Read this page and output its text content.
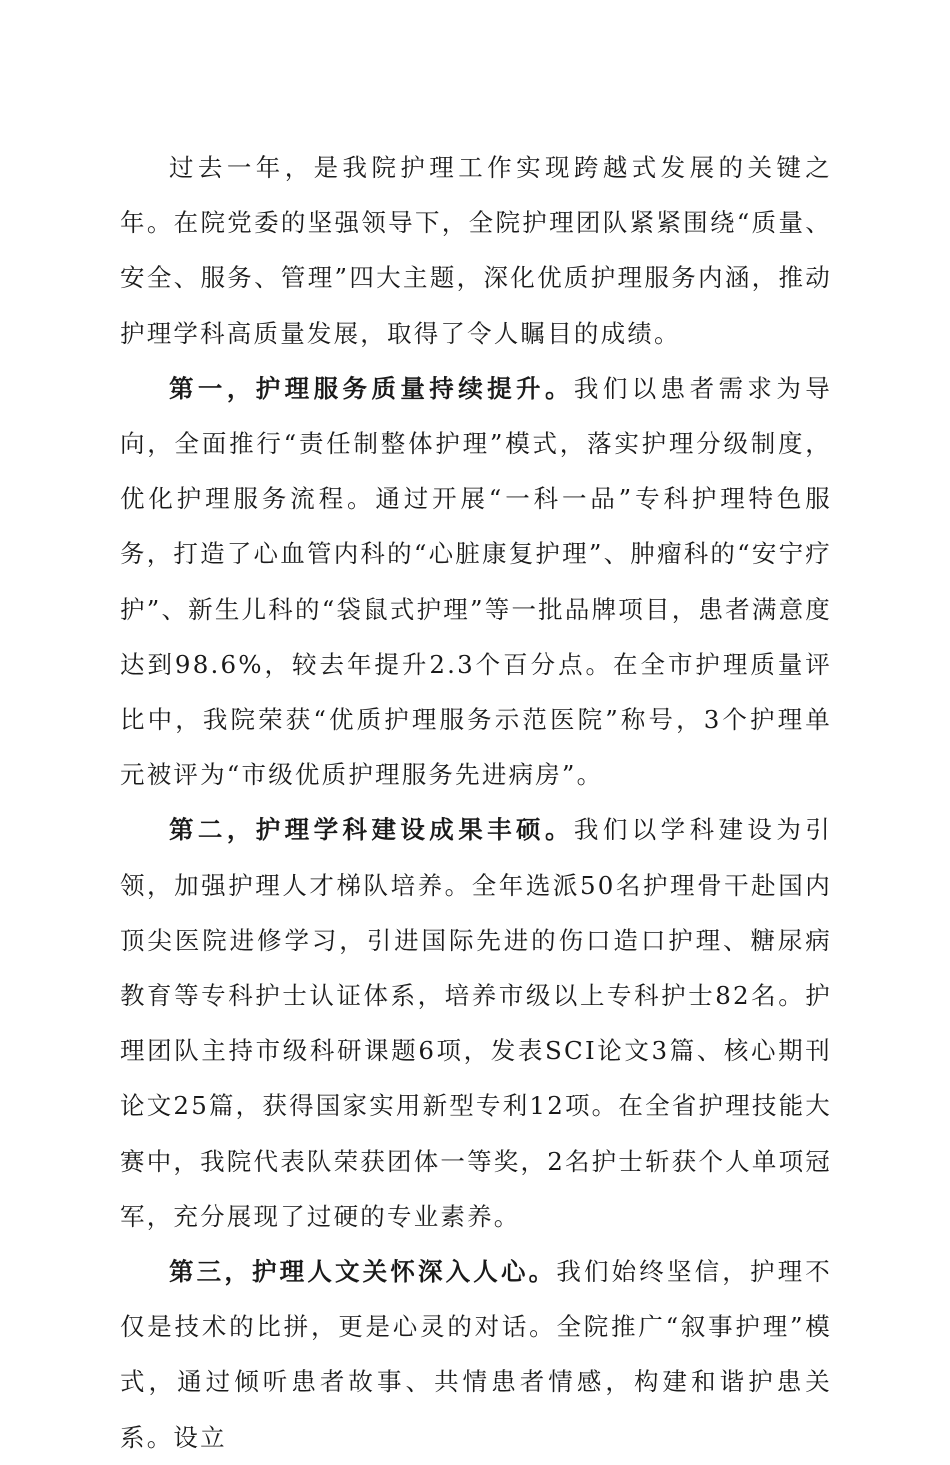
过去一年，是我院护理工作实现跨越式发展的关键之年。在院党委的坚强领导下，全院护理团队紧紧围绕“质量、安全、服务、管理”四大主题，深化优质护理服务内涵，推动护理学科高质量发展，取得了令人瞩目的成绩。

第一，护理服务质量持续提升。我们以患者需求为导向，全面推行“责任制整体护理”模式，落实护理分级制度，优化护理服务流程。通过开展“一科一品”专科护理特色服务，打造了心血管内科的“心脏康复护理”、肿瘤科的“安宁疗护”、新生儿科的“袋鼠式护理”等一批品牌项目，患者满意度达到98.6%，较去年提升2.3个百分点。在全市护理质量评比中，我院荣获“优质护理服务示范医院”称号，3个护理单元被评为“市级优质护理服务先进病房”。

第二，护理学科建设成果丰硕。我们以学科建设为引领，加强护理人才梯队培养。全年选派50名护理骨干赴国内顶尖医院进修学习，引进国际先进的伤口造口护理、糖尿病教育等专科护士认证体系，培养市级以上专科护士82名。护理团队主持市级科研课题6项，发表SCI论文3篇、核心期刊论文25篇，获得国家实用新型专利12项。在全省护理技能大赛中，我院代表队荣获团体一等奖，2名护士斩获个人单项冠军，充分展现了过硬的专业素养。

第三，护理人文关怀深入人心。我们始终坚信，护理不仅是技术的比拼，更是心灵的对话。全院推广“叙事护理”模式，通过倾听患者故事、共情患者情感，构建和谐护患关系。设立
